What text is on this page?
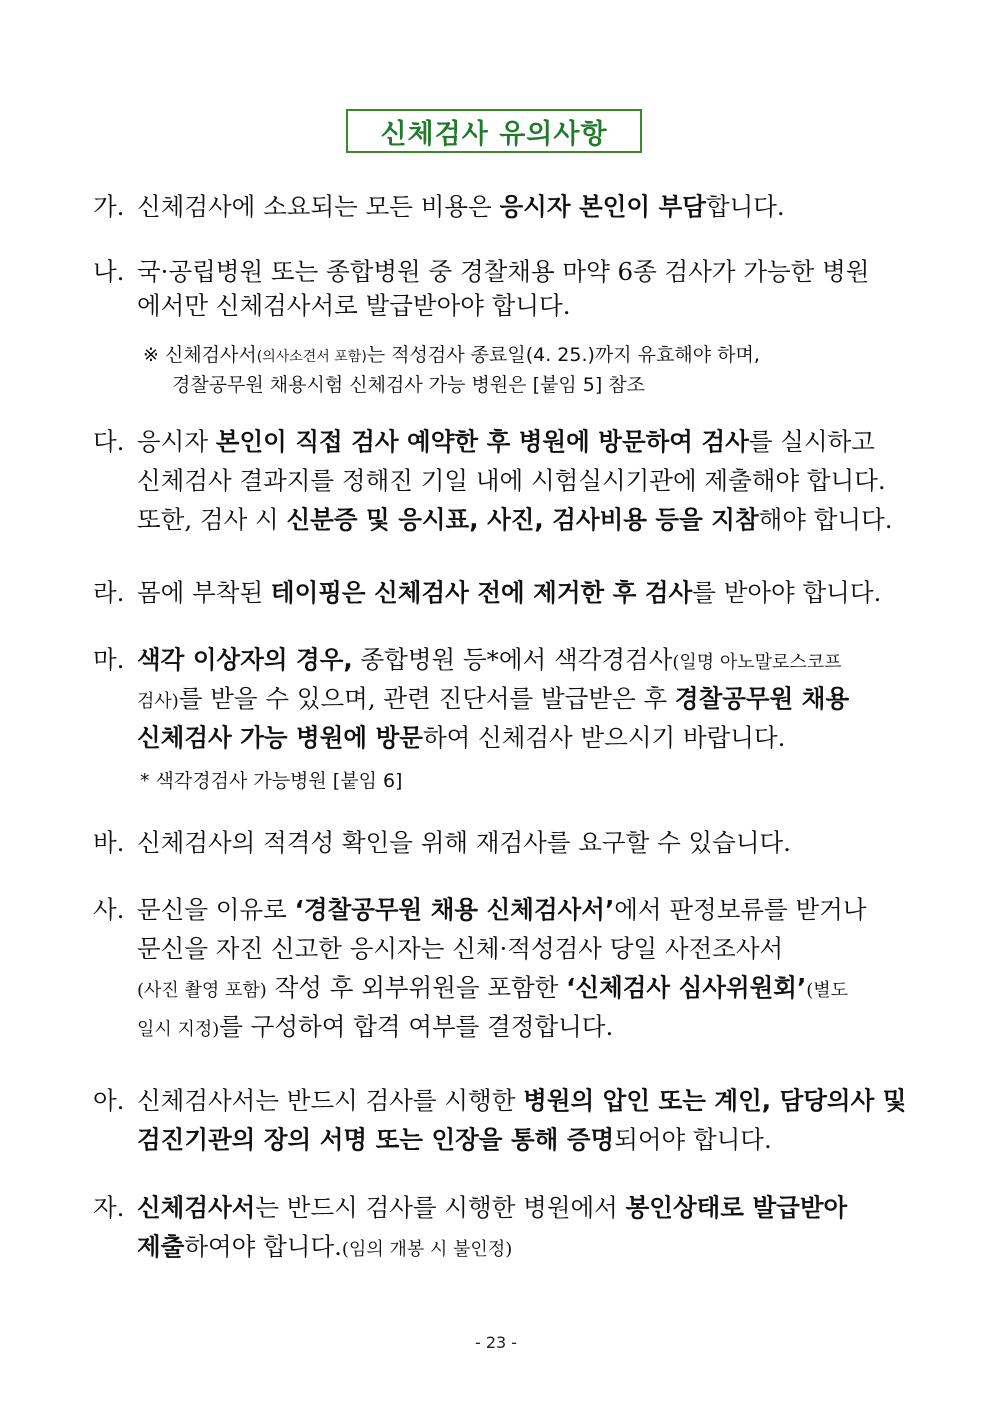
신체검사 유의사항
가. 신체검사에 소요되는 모든 비용은 응시자 본인이 부담합니다.
나. 국·공립병원 또는 종합병원 중 경찰채용 마약 6종 검사가 가능한 병원
에서만 신체검사서로 발급받아야 합니다.
※ 신체검사서(의사소견서 포함)는 적성검사 종료일(4. 25.)까지 유효해야 하며,
경찰공무원 채용시험 신체검사 가능 병원은 [붙임 5] 참조
다. 응시자 본인이 직접 검사 예약한 후 병원에 방문하여 검사를 실시하고
신체검사 결과지를 정해진 기일 내에 시험실시기관에 제출해야 합니다.
또한, 검사 시 신분증 및 응시표, 사진, 검사비용 등을 지참해야 합니다.
라. 몸에 부착된 테이핑은 신체검사 전에 제거한 후 검사를 받아야 합니다.
마. 색각 이상자의 경우, 종합병원 등*에서 색각경검사(일명 아노말로스코프
검사)를 받을 수 있으며, 관련 진단서를 발급받은 후 경찰공무원 채용
신체검사 가능 병원에 방문하여 신체검사 받으시기 바랍니다.
* 색각경검사 가능병원 [붙임 6]
바. 신체검사의 적격성 확인을 위해 재검사를 요구할 수 있습니다.
사. 문신을 이유로 ‘경찰공무원 채용 신체검사서’에서 판정보류를 받거나
문신을 자진 신고한 응시자는 신체·적성검사 당일 사전조사서
(사진 촬영 포함) 작성 후 외부위원을 포함한 ‘신체검사 심사위원회’(별도
일시 지정)를 구성하여 합격 여부를 결정합니다.
아. 신체검사서는 반드시 검사를 시행한 병원의 압인 또는 계인, 담당의사 및
검진기관의 장의 서명 또는 인장을 통해 증명되어야 합니다.
자. 신체검사서는 반드시 검사를 시행한 병원에서 봉인상태로 발급받아
제출하여야 합니다.(임의 개봉 시 불인정)
- 23 -
